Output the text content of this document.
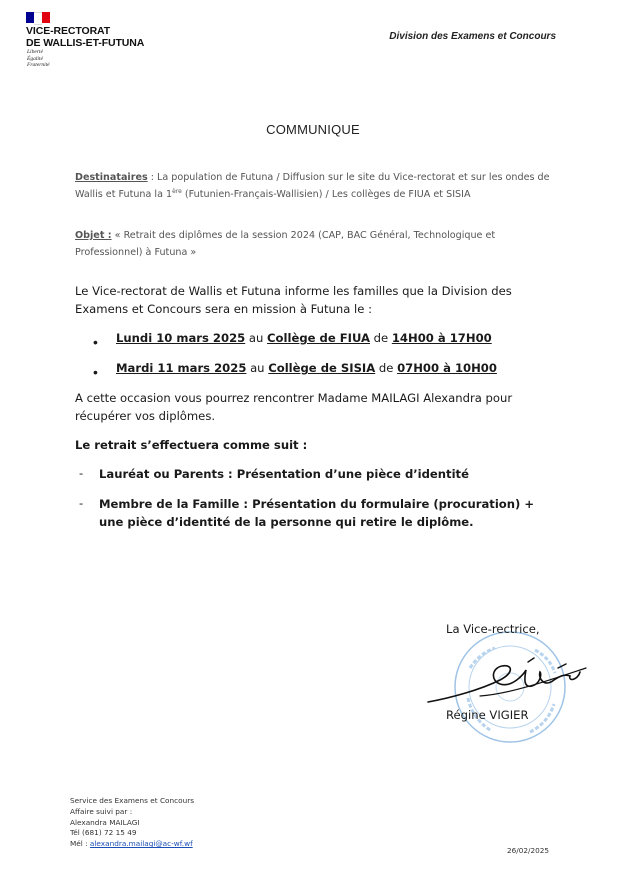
VICE-RECTORAT
DE WALLIS-ET-FUTUNA
Liberté
Égalité
Fraternité
Division des Examens et Concours
COMMUNIQUE
Destinataires : La population de Futuna / Diffusion sur le site du Vice-rectorat et sur les ondes de Wallis et Futuna la 1ère (Futunien-Français-Wallisien) / Les collèges de FIUA et SISIA
Objet : « Retrait des diplômes de la session 2024 (CAP, BAC Général, Technologique et Professionnel) à Futuna »
Le Vice-rectorat de Wallis et Futuna informe les familles que la Division des Examens et Concours sera en mission à Futuna le :
•
Lundi 10 mars 2025 au Collège de FIUA de 14H00 à 17H00
•
Mardi 11 mars 2025 au Collège de SISIA de 07H00 à 10H00
A cette occasion vous pourrez rencontrer Madame MAILAGI Alexandra pour récupérer vos diplômes.
Le retrait s’effectuera comme suit :
- Lauréat ou Parents : Présentation d’une pièce d’identité
- Membre de la Famille : Présentation du formulaire (procuration) + une pièce d’identité de la personne qui retire le diplôme.
La Vice-rectrice,
Régine VIGIER
Service des Examens et Concours
Affaire suivi par :
Alexandra MAILAGI
Tél (681) 72 15 49
Mél : alexandra.mailagi@ac-wf.wf
26/02/2025
